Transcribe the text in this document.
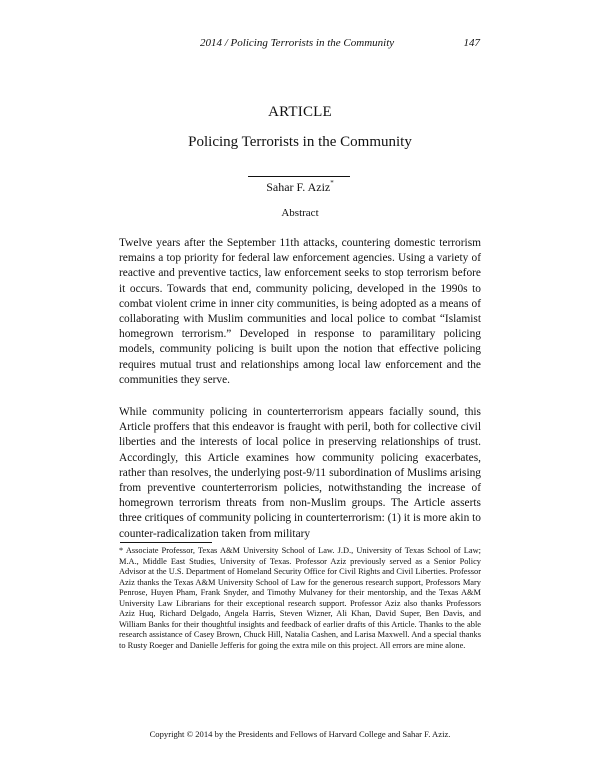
2014 / Policing Terrorists in the Community	147
ARTICLE
Policing Terrorists in the Community
Sahar F. Aziz*
Abstract

Twelve years after the September 11th attacks, countering domestic terrorism remains a top priority for federal law enforcement agencies. Using a variety of reactive and preventive tactics, law enforcement seeks to stop terrorism before it occurs. Towards that end, community policing, developed in the 1990s to combat violent crime in inner city communities, is being adopted as a means of collaborating with Muslim communities and local police to combat “Islamist homegrown terrorism.” Developed in response to paramilitary policing models, community policing is built upon the notion that effective policing requires mutual trust and relationships among local law enforcement and the communities they serve.

While community policing in counterterrorism appears facially sound, this Article proffers that this endeavor is fraught with peril, both for collective civil liberties and the interests of local police in preserving relationships of trust. Accordingly, this Article examines how community policing exacerbates, rather than resolves, the underlying post-9/11 subordination of Muslims arising from preventive counterterrorism policies, notwithstanding the increase of homegrown terrorism threats from non-Muslim groups. The Article asserts three critiques of community policing in counterterrorism: (1) it is more akin to counter-radicalization taken from military

* Associate Professor, Texas A&M University School of Law. J.D., University of Texas School of Law; M.A., Middle East Studies, University of Texas. Professor Aziz previously served as a Senior Policy Advisor at the U.S. Department of Homeland Security Office for Civil Rights and Civil Liberties. Professor Aziz thanks the Texas A&M University School of Law for the generous research support, Professors Mary Penrose, Huyen Pham, Frank Snyder, and Timothy Mulvaney for their mentorship, and the Texas A&M University Law Librarians for their exceptional research support. Professor Aziz also thanks Professors Aziz Huq, Richard Delgado, Angela Harris, Steven Wizner, Ali Khan, David Super, Ben Davis, and William Banks for their thoughtful insights and feedback of earlier drafts of this Article. Thanks to the able research assistance of Casey Brown, Chuck Hill, Natalia Cashen, and Larisa Maxwell. And a special thanks to Rusty Roeger and Danielle Jefferis for going the extra mile on this project. All errors are mine alone.

Copyright © 2014 by the Presidents and Fellows of Harvard College and Sahar F. Aziz.
